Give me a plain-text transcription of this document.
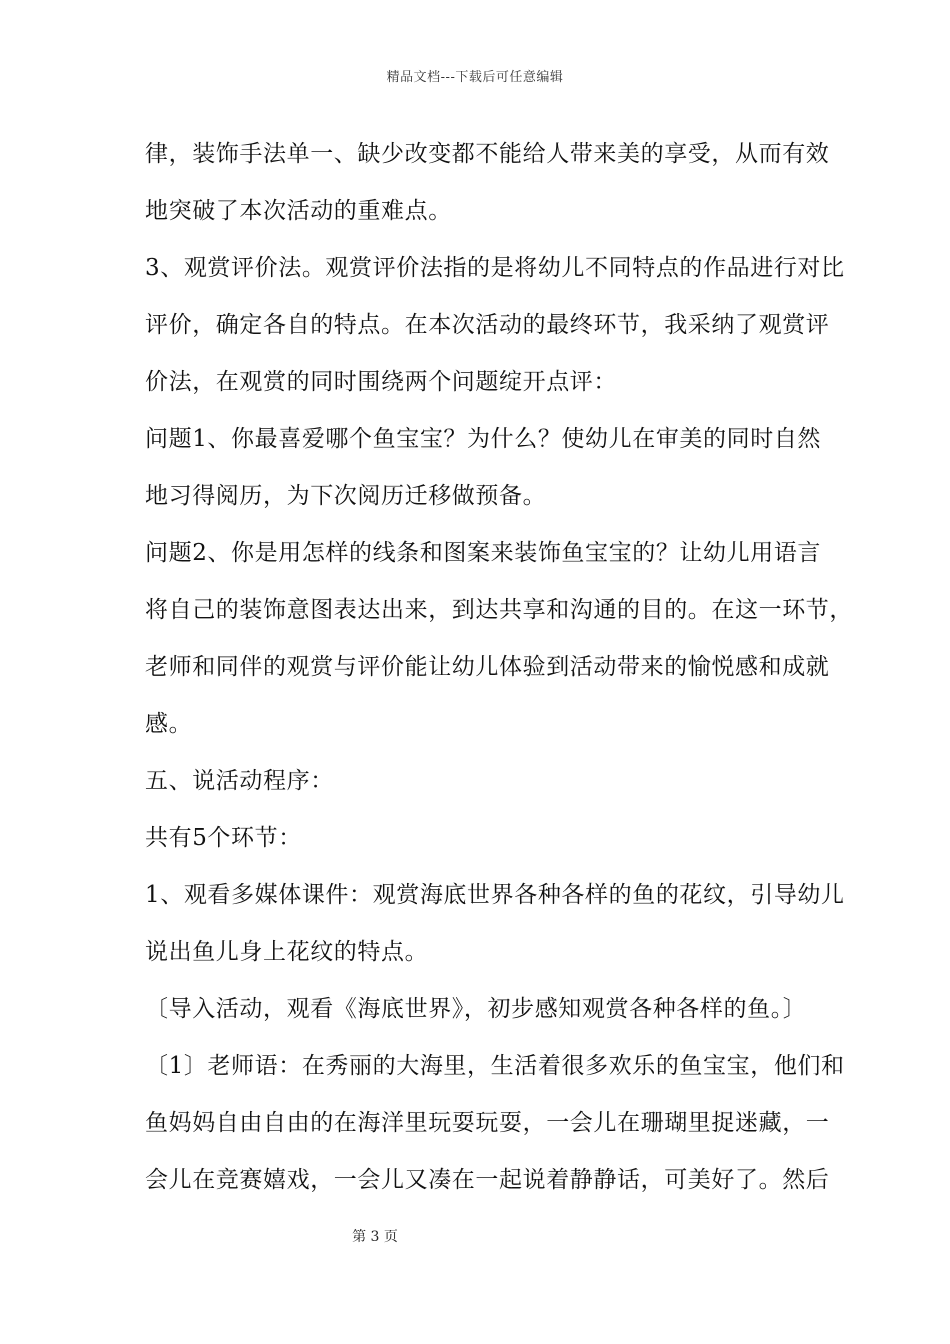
精品文档---下载后可任意编辑
律，装饰手法单一、缺少改变都不能给人带来美的享受，从而有效
地突破了本次活动的重难点。
3、观赏评价法。观赏评价法指的是将幼儿不同特点的作品进行对比
评价，确定各自的特点。在本次活动的最终环节，我采纳了观赏评
价法，在观赏的同时围绕两个问题绽开点评：
问题1、你最喜爱哪个鱼宝宝？为什么？使幼儿在审美的同时自然
地习得阅历，为下次阅历迁移做预备。
问题2、你是用怎样的线条和图案来装饰鱼宝宝的？让幼儿用语言
将自己的装饰意图表达出来，到达共享和沟通的目的。在这一环节，
老师和同伴的观赏与评价能让幼儿体验到活动带来的愉悦感和成就
感。
五、说活动程序：
共有5个环节：
1、观看多媒体课件：观赏海底世界各种各样的鱼的花纹，引导幼儿
说出鱼儿身上花纹的特点。
〔导入活动，观看《海底世界》，初步感知观赏各种各样的鱼。〕
〔1〕老师语：在秀丽的大海里，生活着很多欢乐的鱼宝宝，他们和
鱼妈妈自由自由的在海洋里玩耍玩耍，一会儿在珊瑚里捉迷藏，一
会儿在竞赛嬉戏，一会儿又凑在一起说着静静话，可美好了。然后
第 3 页
